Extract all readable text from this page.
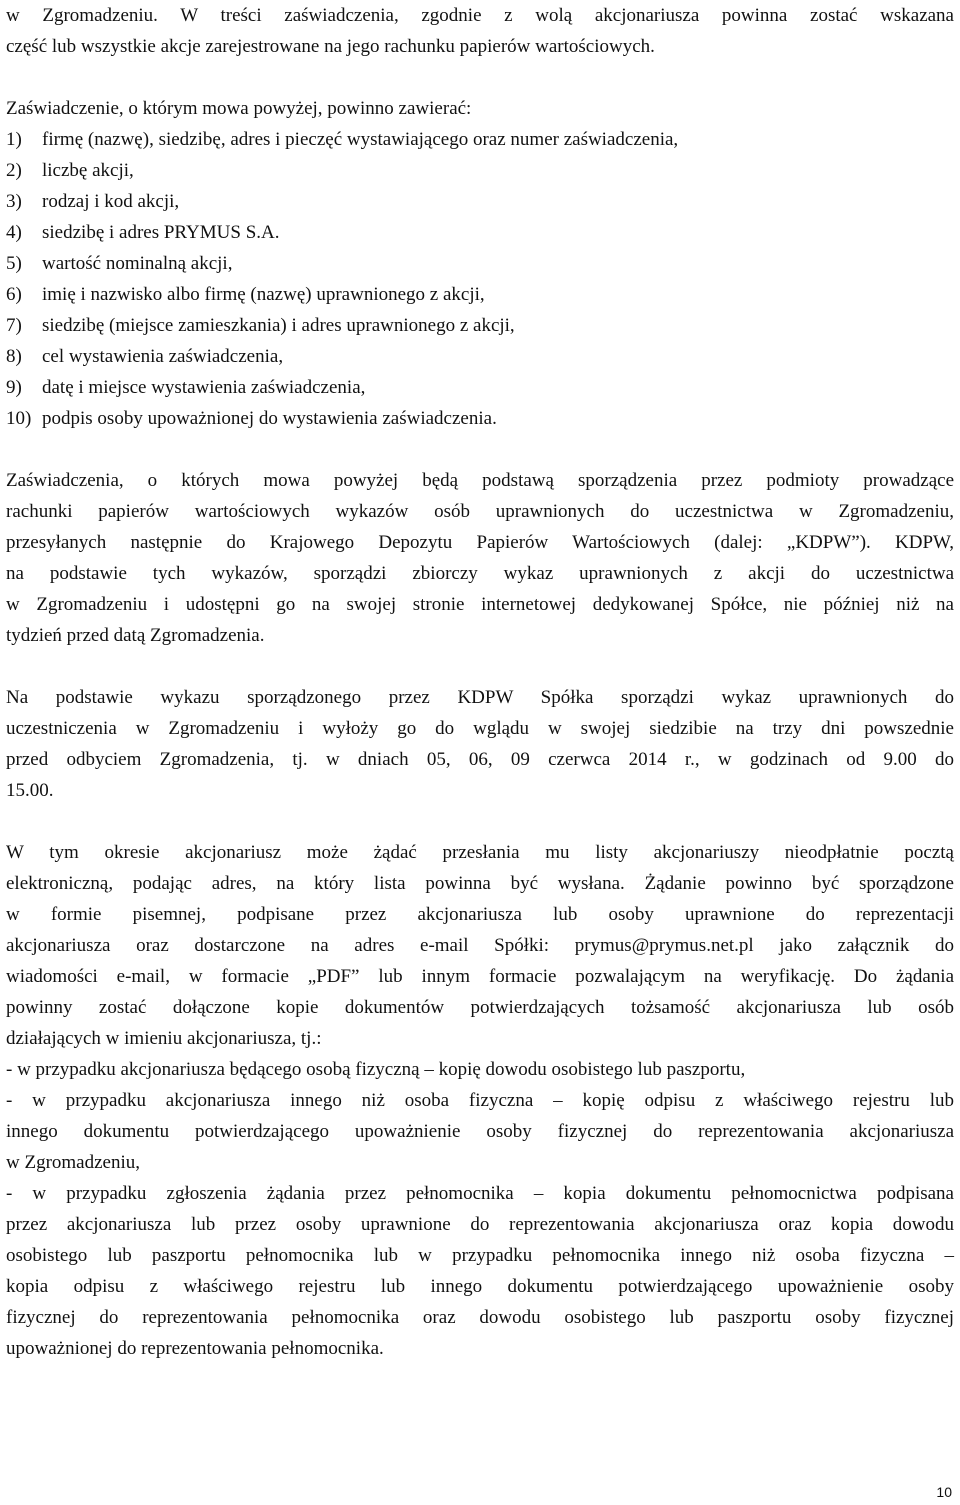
w Zgromadzeniu. W treści zaświadczenia, zgodnie z wolą akcjonariusza powinna zostać wskazana

część lub wszystkie akcje zarejestrowane na jego rachunku papierów wartościowych.

Zaświadczenie, o którym mowa powyżej, powinno zawierać:

1) firmę (nazwę), siedzibę, adres i pieczęć wystawiającego oraz numer zaświadczenia,

2) liczbę akcji,

3) rodzaj i kod akcji,

4) siedzibę i adres PRYMUS S.A.

5) wartość nominalną akcji,

6) imię i nazwisko albo firmę (nazwę) uprawnionego z akcji,

7) siedzibę (miejsce zamieszkania) i adres uprawnionego z akcji,

8) cel wystawienia zaświadczenia,

9) datę i miejsce wystawienia zaświadczenia,

10) podpis osoby upoważnionej do wystawienia zaświadczenia.

Zaświadczenia, o których mowa powyżej będą podstawą sporządzenia przez podmioty prowadzące

rachunki papierów wartościowych wykazów osób uprawnionych do uczestnictwa w Zgromadzeniu,

przesyłanych następnie do Krajowego Depozytu Papierów Wartościowych (dalej: „KDPW”). KDPW,

na podstawie tych wykazów, sporządzi zbiorczy wykaz uprawnionych z akcji do uczestnictwa

w Zgromadzeniu i udostępni go na swojej stronie internetowej dedykowanej Spółce, nie później niż na

tydzień przed datą Zgromadzenia.

Na podstawie wykazu sporządzonego przez KDPW Spółka sporządzi wykaz uprawnionych do

uczestniczenia w Zgromadzeniu i wyłoży go do wglądu w swojej siedzibie na trzy dni powszednie

przed odbyciem Zgromadzenia, tj. w dniach 05, 06, 09 czerwca 2014 r., w godzinach od 9.00 do

15.00.

W tym okresie akcjonariusz może żądać przesłania mu listy akcjonariuszy nieodpłatnie pocztą

elektroniczną, podając adres, na który lista powinna być wysłana. Żądanie powinno być sporządzone

w formie pisemnej, podpisane przez akcjonariusza lub osoby uprawnione do reprezentacji

akcjonariusza oraz dostarczone na adres e-mail Spółki: prymus@prymus.net.pl jako załącznik do

wiadomości e-mail, w formacie „PDF” lub innym formacie pozwalającym na weryfikację. Do żądania

powinny zostać dołączone kopie dokumentów potwierdzających tożsamość akcjonariusza lub osób

działających w imieniu akcjonariusza, tj.:

- w przypadku akcjonariusza będącego osobą fizyczną – kopię dowodu osobistego lub paszportu,

- w przypadku akcjonariusza innego niż osoba fizyczna – kopię odpisu z właściwego rejestru lub

innego dokumentu potwierdzającego upoważnienie osoby fizycznej do reprezentowania akcjonariusza

w Zgromadzeniu,

- w przypadku zgłoszenia żądania przez pełnomocnika – kopia dokumentu pełnomocnictwa podpisana

przez akcjonariusza lub przez osoby uprawnione do reprezentowania akcjonariusza oraz kopia dowodu

osobistego lub paszportu pełnomocnika lub w przypadku pełnomocnika innego niż osoba fizyczna –

kopia odpisu z właściwego rejestru lub innego dokumentu potwierdzającego upoważnienie osoby

fizycznej do reprezentowania pełnomocnika oraz dowodu osobistego lub paszportu osoby fizycznej

upoważnionej do reprezentowania pełnomocnika.

10
